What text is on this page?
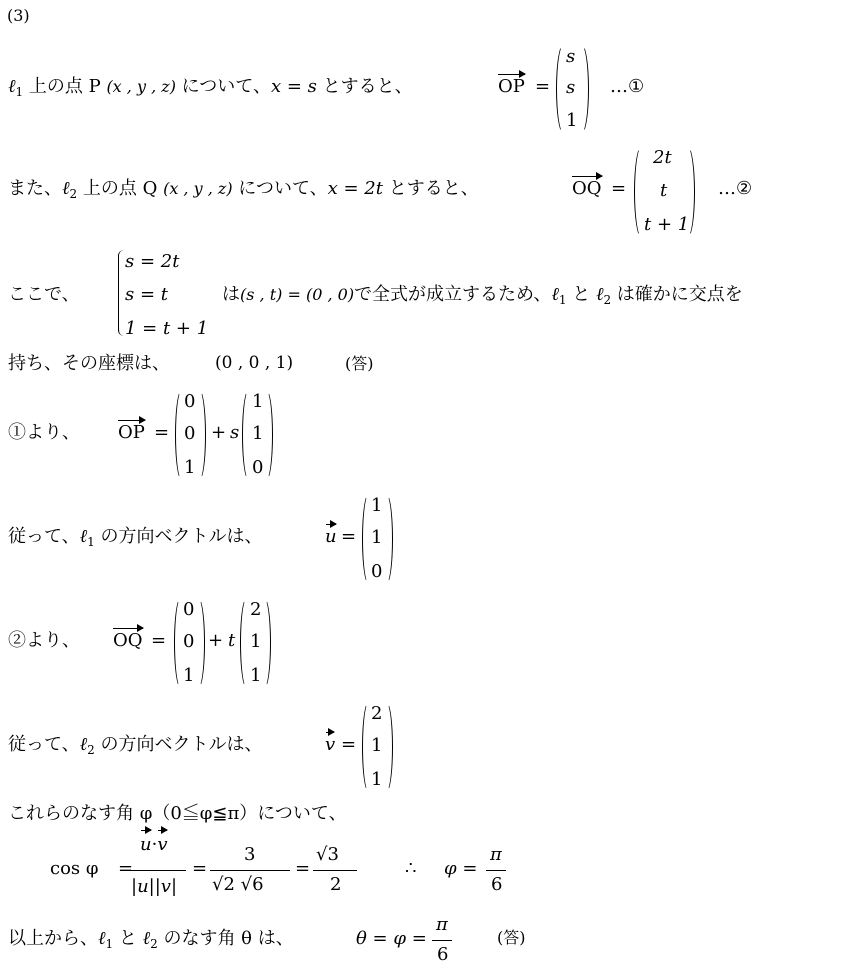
(3)
ℓ$_1$ 上の点 P (x , y , z) について、x = s とすると、	OP =
s
s
1
…①
また、ℓ$_2$ 上の点 Q (x , y , z) について、x = 2t とすると、	OQ =
2t
t
t + 1
…②
ここで、
s = 2t
s = t
1 = t + 1
は(s , t) = (0 , 0)で全式が成立するため、ℓ$_1$ と ℓ$_2$ は確かに交点を
持ち、その座標は、	(0 , 0 , 1)	(答)
①より、 OP =
0
0
1
+ s
1
1
0
従って、ℓ$_1$ の方向ベクトルは、	u =
1
1
0
②より、 OQ =
0
0
1
+ t
2
1
1
従って、ℓ$_2$ の方向ベクトルは、	v =
2
1
1
これらのなす角 φ（0≦φ≦π）について、
cos φ =
u·
v
|u||v|
=
3
√2 √6
=
√3
2
∴ φ =
π
6
以上から、ℓ$_1$ と ℓ$_2$ のなす角 θ は、	θ = φ =
π
6
(答)
